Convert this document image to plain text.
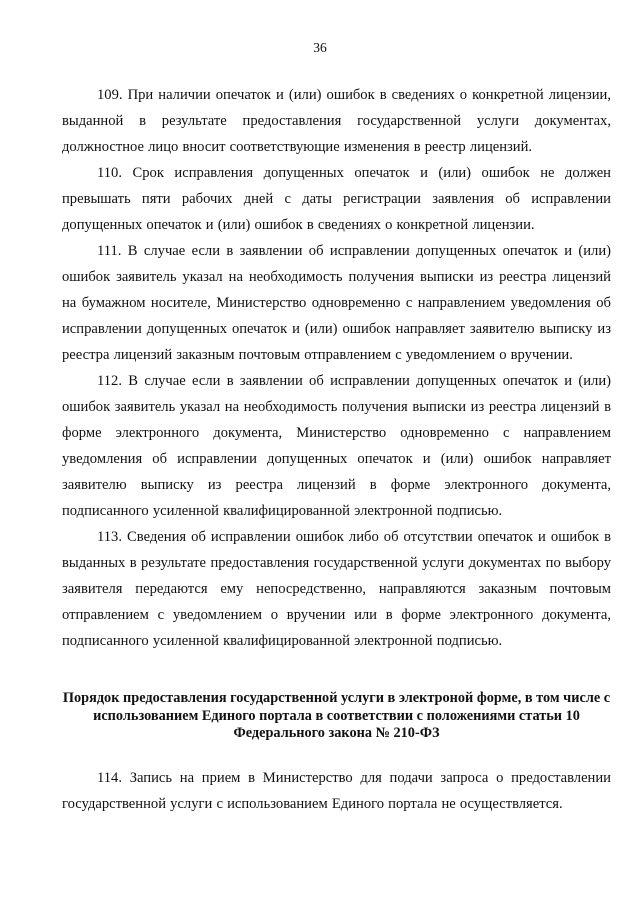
36

109. При наличии опечаток и (или) ошибок в сведениях о конкретной лицензии, выданной в результате предоставления государственной услуги документах, должностное лицо вносит соответствующие изменения в реестр лицензий.

110. Срок исправления допущенных опечаток и (или) ошибок не должен превышать пяти рабочих дней с даты регистрации заявления об исправлении допущенных опечаток и (или) ошибок в сведениях о конкретной лицензии.

111. В случае если в заявлении об исправлении допущенных опечаток и (или) ошибок заявитель указал на необходимость получения выписки из реестра лицензий на бумажном носителе, Министерство одновременно с направлением уведомления об исправлении допущенных опечаток и (или) ошибок направляет заявителю выписку из реестра лицензий заказным почтовым отправлением с уведомлением о вручении.

112. В случае если в заявлении об исправлении допущенных опечаток и (или) ошибок заявитель указал на необходимость получения выписки из реестра лицензий в форме электронного документа, Министерство одновременно с направлением уведомления об исправлении допущенных опечаток и (или) ошибок направляет заявителю выписку из реестра лицензий в форме электронного документа, подписанного усиленной квалифицированной электронной подписью.

113. Сведения об исправлении ошибок либо об отсутствии опечаток и ошибок в выданных в результате предоставления государственной услуги документах по выбору заявителя передаются ему непосредственно, направляются заказным почтовым отправлением с уведомлением о вручении или в форме электронного документа, подписанного усиленной квалифицированной электронной подписью.

Порядок предоставления государственной услуги в электроной форме, в том числе с использованием Единого портала в соответствии с положениями статьи 10 Федерального закона № 210-ФЗ

114. Запись на прием в Министерство для подачи запроса о предоставлении государственной услуги с использованием Единого портала не осуществляется.
